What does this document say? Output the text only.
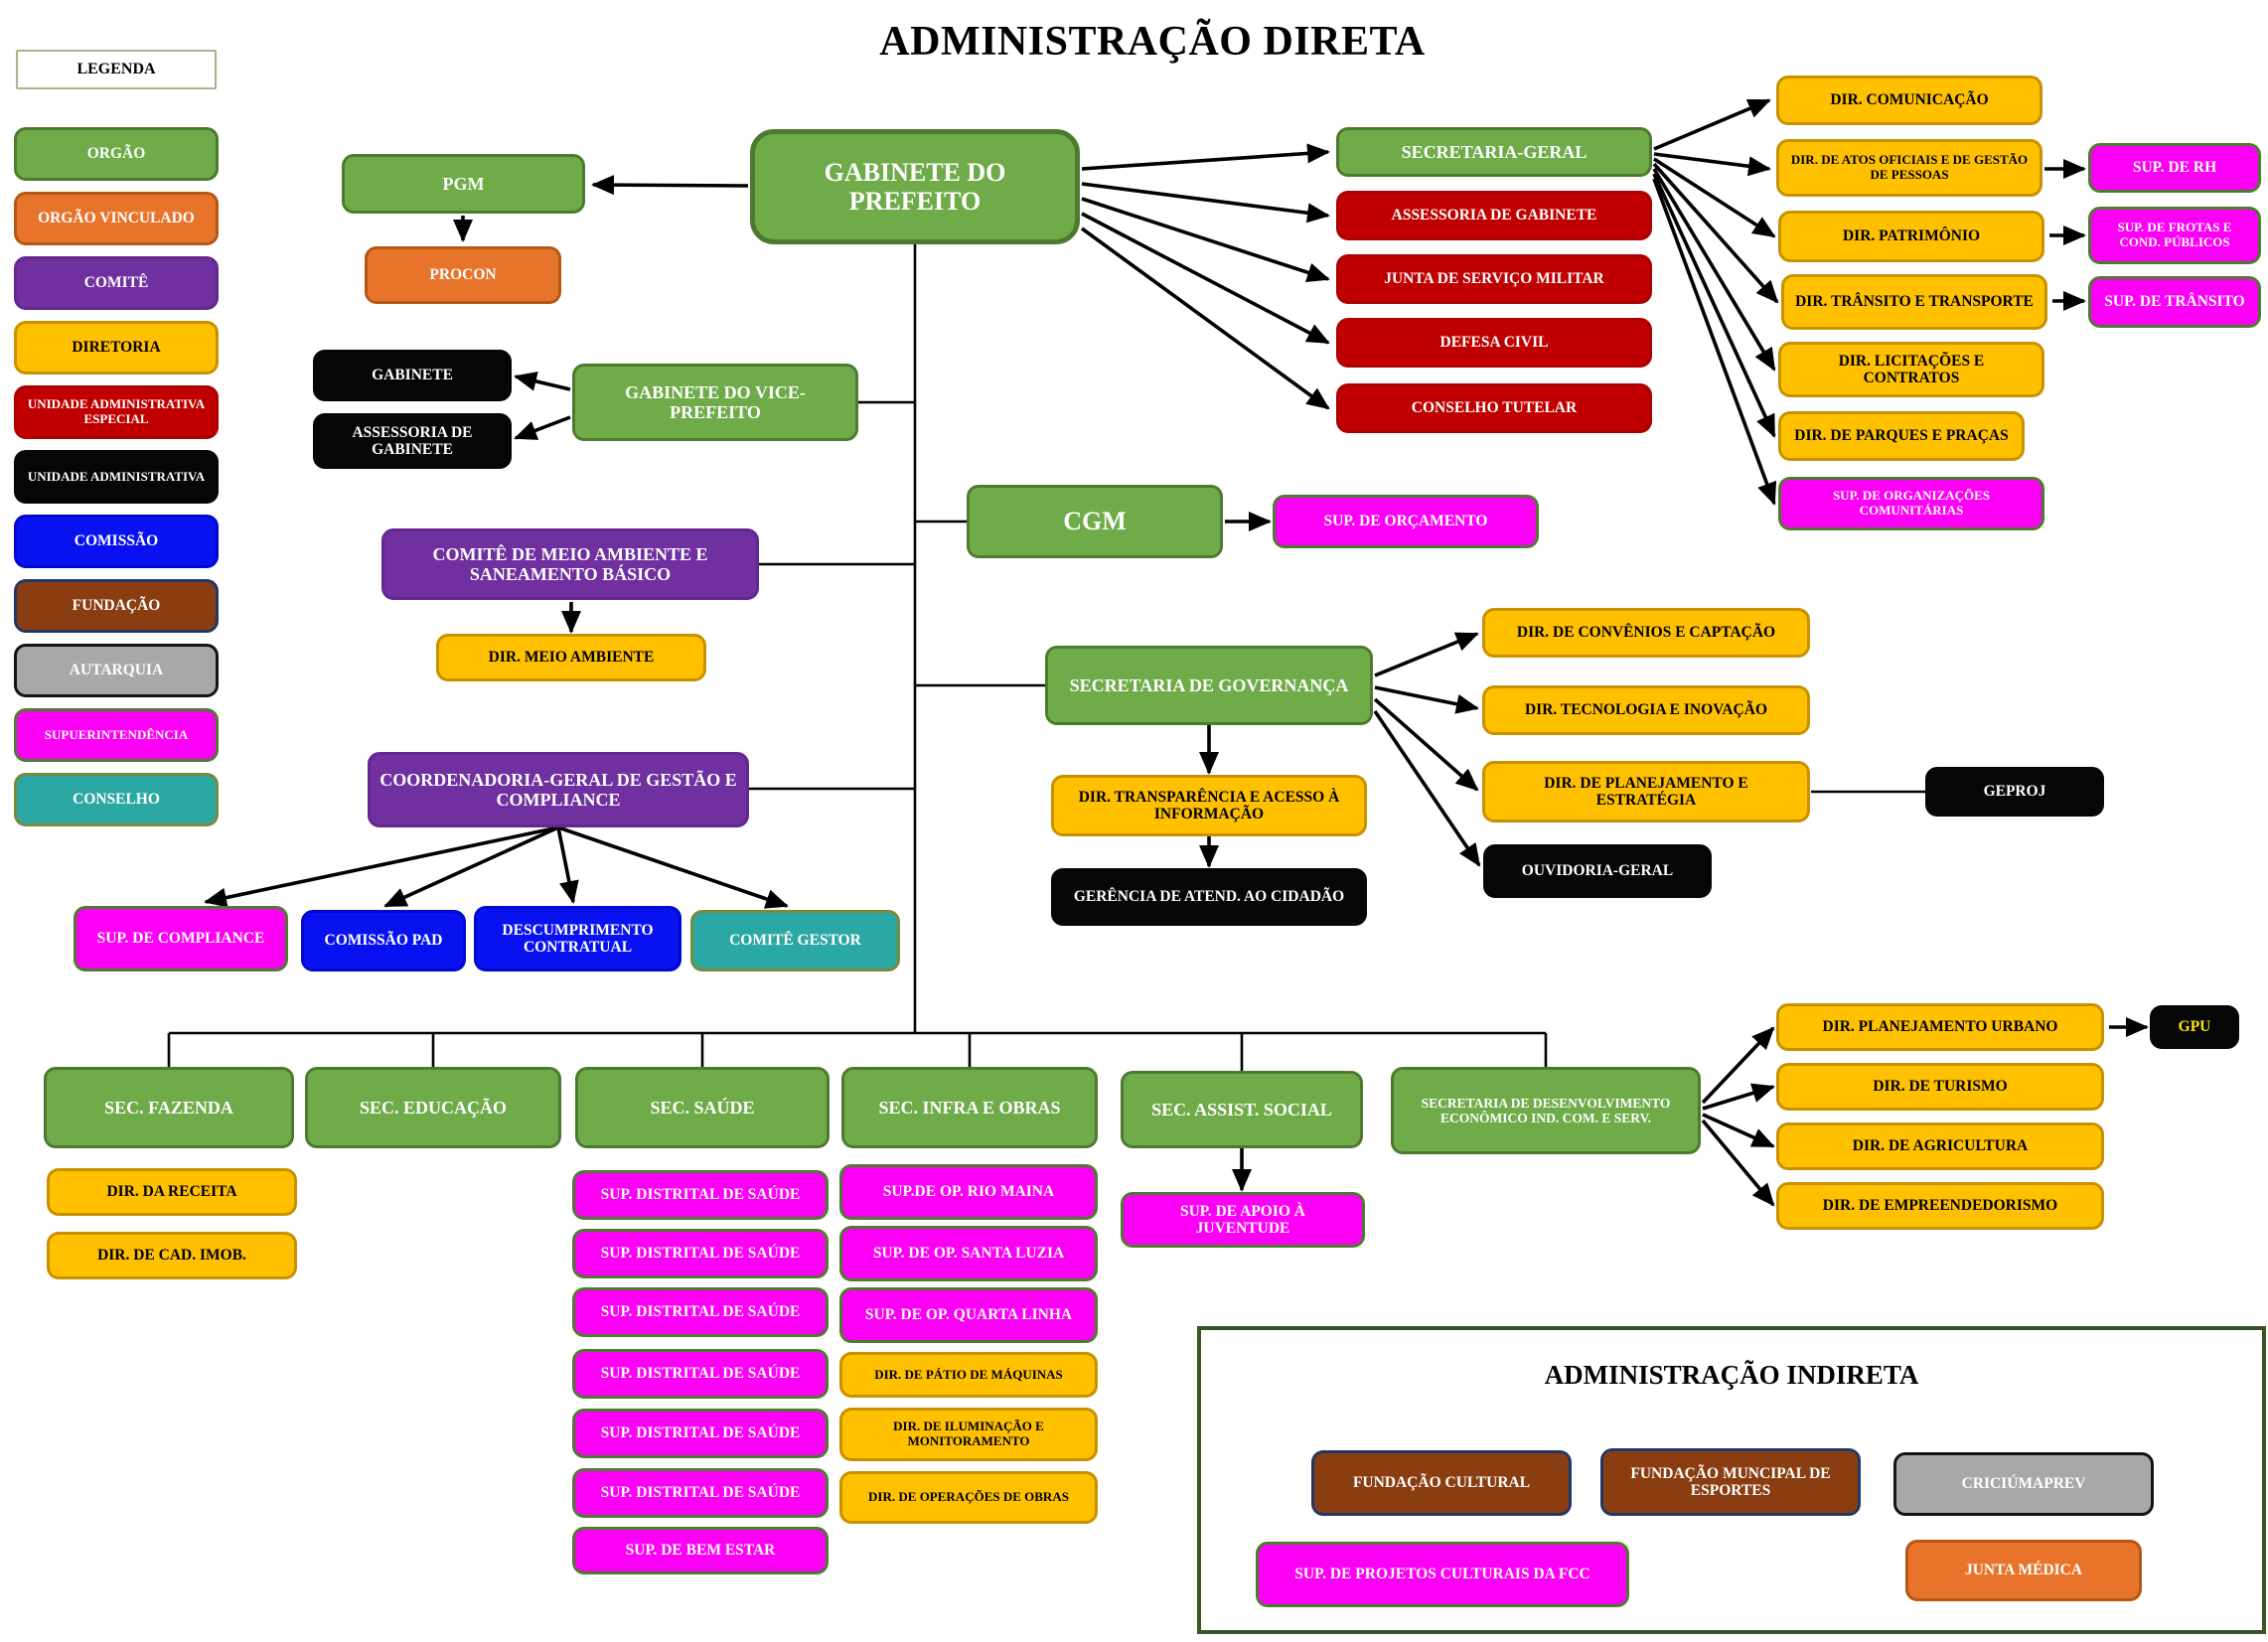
ADMINISTRAÇÃO DIRETA
LEGENDA
ORGÃO
ORGÃO VINCULADO
COMITÊ
DIRETORIA
UNIDADE ADMINISTRATIVA ESPECIAL
UNIDADE ADMINISTRATIVA
COMISSÃO
FUNDAÇÃO
AUTARQUIA
SUPUERINTENDÊNCIA
CONSELHO
GABINETE DO PREFEITO
PGM
PROCON
SECRETARIA-GERAL
ASSESSORIA DE GABINETE
JUNTA DE SERVIÇO MILITAR
DEFESA CIVIL
CONSELHO TUTELAR
DIR. COMUNICAÇÃO
DIR. DE ATOS OFICIAIS E DE GESTÃO DE PESSOAS
DIR. PATRIMÔNIO
DIR. TRÂNSITO E TRANSPORTE
DIR. LICITAÇÕES E CONTRATOS
DIR. DE PARQUES E PRAÇAS
SUP. DE ORGANIZAÇÕES COMUNITÁRIAS
SUP. DE RH
SUP. DE FROTAS E COND. PÚBLICOS
SUP. DE TRÂNSITO
GABINETE
ASSESSORIA DE GABINETE
GABINETE DO VICE-PREFEITO
CGM	SUP. DE ORÇAMENTO
COMITÊ DE MEIO AMBIENTE E SANEAMENTO BÁSICO
DIR. MEIO AMBIENTE
SECRETARIA DE GOVERNANÇA
DIR. TRANSPARÊNCIA E ACESSO À INFORMAÇÃO
GERÊNCIA DE ATEND. AO CIDADÃO
DIR. DE CONVÊNIOS E CAPTAÇÃO
DIR. TECNOLOGIA E INOVAÇÃO
DIR. DE PLANEJAMENTO E ESTRATÉGIA
GEPROJ
OUVIDORIA-GERAL
COORDENADORIA-GERAL DE GESTÃO E COMPLIANCE
SUP. DE COMPLIANCE	COMISSÃO PAD
DESCUMPRIMENTO CONTRATUAL	COMITÊ GESTOR
SEC. FAZENDA	SEC. EDUCAÇÃO	SEC. SAÚDE	SEC. INFRA E OBRAS	SEC. ASSIST. SOCIAL	SECRETARIA DE DESENVOLVIMENTO ECONÔMICO IND. COM. E SERV.
DIR. DA RECEITA
DIR. DE CAD. IMOB.
SUP. DISTRITAL DE SAÚDE
SUP. DISTRITAL DE SAÚDE
SUP. DISTRITAL DE SAÚDE
SUP. DISTRITAL DE SAÚDE
SUP. DISTRITAL DE SAÚDE
SUP. DISTRITAL DE SAÚDE
SUP. DE BEM ESTAR
SUP.DE OP. RIO MAINA
SUP. DE OP. SANTA LUZIA
SUP. DE OP. QUARTA LINHA
DIR. DE PÁTIO DE MÁQUINAS
DIR. DE ILUMINAÇÃO E MONITORAMENTO
DIR. DE OPERAÇÕES DE OBRAS
SUP. DE APOIO À JUVENTUDE
DIR. PLANEJAMENTO URBANO	GPU
DIR. DE TURISMO
DIR. DE AGRICULTURA
DIR. DE EMPREENDEDORISMO
ADMINISTRAÇÃO INDIRETA
FUNDAÇÃO CULTURAL
FUNDAÇÃO MUNCIPAL DE ESPORTES	CRICIÚMAPREV
SUP. DE PROJETOS CULTURAIS DA FCC	JUNTA MÉDICA
